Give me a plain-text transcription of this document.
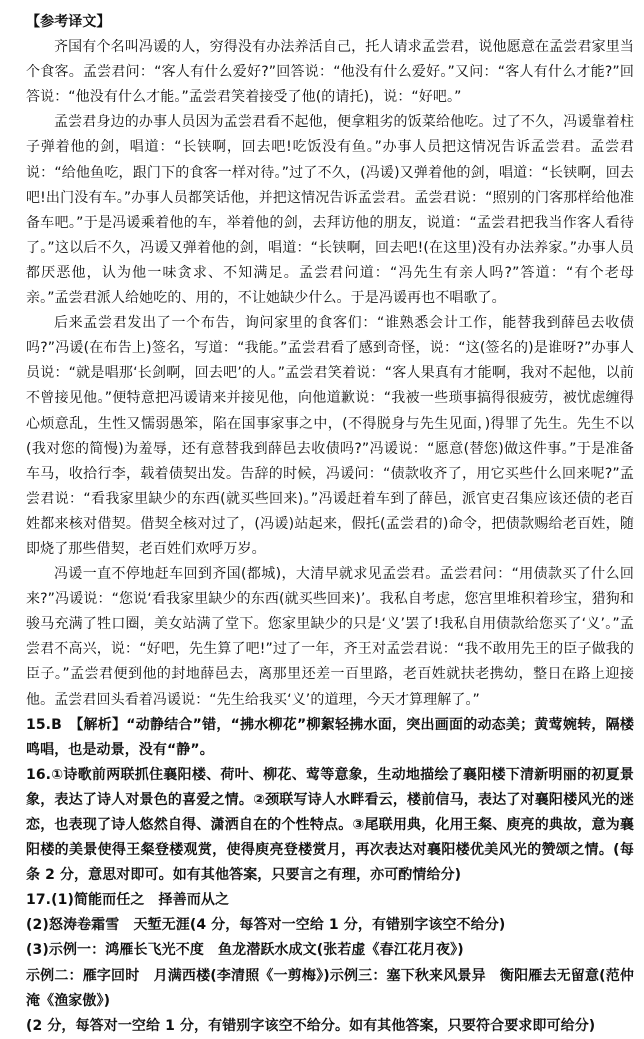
【参考译文】

齐国有个名叫冯谖的人，穷得没有办法养活自己，托人请求孟尝君，说他愿意在孟尝君家里当个食客。孟尝君问：“客人有什么爱好?”回答说：“他没有什么爱好。”又问：“客人有什么才能?”回答说：“他没有什么才能。”孟尝君笑着接受了他(的请托)，说：“好吧。”

孟尝君身边的办事人员因为孟尝君看不起他，便拿粗劣的饭菜给他吃。过了不久，冯谖靠着柱子弹着他的剑，唱道：“长铗啊，回去吧!吃饭没有鱼。”办事人员把这情况告诉孟尝君。孟尝君说：“给他鱼吃，跟门下的食客一样对待。”过了不久，(冯谖)又弹着他的剑，唱道：“长铗啊，回去吧!出门没有车。”办事人员都笑话他，并把这情况告诉孟尝君。孟尝君说：“照别的门客那样给他准备车吧。”于是冯谖乘着他的车，举着他的剑，去拜访他的朋友，说道：“孟尝君把我当作客人看待了。”这以后不久，冯谖又弹着他的剑，唱道：“长铗啊，回去吧!(在这里)没有办法养家。”办事人员都厌恶他，认为他一味贪求、不知满足。孟尝君问道：“冯先生有亲人吗?”答道：“有个老母亲。”孟尝君派人给她吃的、用的，不让她缺少什么。于是冯谖再也不唱歌了。

后来孟尝君发出了一个布告，询问家里的食客们：“谁熟悉会计工作，能替我到薛邑去收债吗?”冯谖(在布告上)签名，写道：“我能。”孟尝君看了感到奇怪，说：“这(签名的)是谁呀?”办事人员说：“就是唱那‘长剑啊，回去吧’的人。”孟尝君笑着说：“客人果真有才能啊，我对不起他，以前不曾接见他。”便特意把冯谖请来并接见他，向他道歉说：“我被一些琐事搞得很疲劳，被忧虑缠得心烦意乱，生性又懦弱愚笨，陷在国事家事之中，(不得脱身与先生见面，)得罪了先生。先生不以(我对您的简慢)为羞辱，还有意替我到薛邑去收债吗?”冯谖说：“愿意(替您)做这件事。”于是准备车马，收拾行李，载着债契出发。告辞的时候，冯谖问：“债款收齐了，用它买些什么回来呢?”孟尝君说：“看我家里缺少的东西(就买些回来)。”冯谖赶着车到了薛邑，派官吏召集应该还债的老百姓都来核对借契。借契全核对过了，(冯谖)站起来，假托(孟尝君的)命令，把债款赐给老百姓，随即烧了那些借契，老百姓们欢呼万岁。

冯谖一直不停地赶车回到齐国(都城)，大清早就求见孟尝君。孟尝君问：“用债款买了什么回来?”冯谖说：“您说‘看我家里缺少的东西(就买些回来)’。我私自考虑，您宫里堆积着珍宝，猎狗和骏马充满了牲口圈，美女站满了堂下。您家里缺少的只是‘义’罢了!我私自用债款给您买了‘义’。”孟尝君不高兴，说：“好吧，先生算了吧!”过了一年，齐王对孟尝君说：“我不敢用先王的臣子做我的臣子。”孟尝君便到他的封地薛邑去，离那里还差一百里路，老百姓就扶老携幼，整日在路上迎接他。孟尝君回头看着冯谖说：“先生给我买‘义’的道理，今天才算理解了。”

15.B　【解析】“动静结合”错，“拂水柳花”柳絮轻拂水面，突出画面的动态美；黄莺婉转，隔楼鸣唱，也是动景，没有“静”。

16.①诗歌前两联抓住襄阳楼、荷叶、柳花、莺等意象，生动地描绘了襄阳楼下清新明丽的初夏景象，表达了诗人对景色的喜爱之情。②颈联写诗人水畔看云，楼前信马，表达了对襄阳楼风光的迷恋，也表现了诗人悠然自得、潇洒自在的个性特点。③尾联用典，化用王粲、庾亮的典故，意为襄阳楼的美景使得王粲登楼观赏，使得庾亮登楼赏月，再次表达对襄阳楼优美风光的赞颂之情。(每条 2 分，意思对即可。如有其他答案，只要言之有理，亦可酌情给分)

17.(1)简能而任之　择善而从之

(2)怒涛卷霜雪　天堑无涯(4 分，每答对一空给 1 分，有错别字该空不给分)

(3)示例一：鸿雁长飞光不度　鱼龙潜跃水成文(张若虚《春江花月夜》)

示例二：雁字回时　月满西楼(李清照《一剪梅》)示例三：塞下秋来风景异　衡阳雁去无留意(范仲淹《渔家傲》)

(2 分，每答对一空给 1 分，有错别字该空不给分。如有其他答案，只要符合要求即可给分)
